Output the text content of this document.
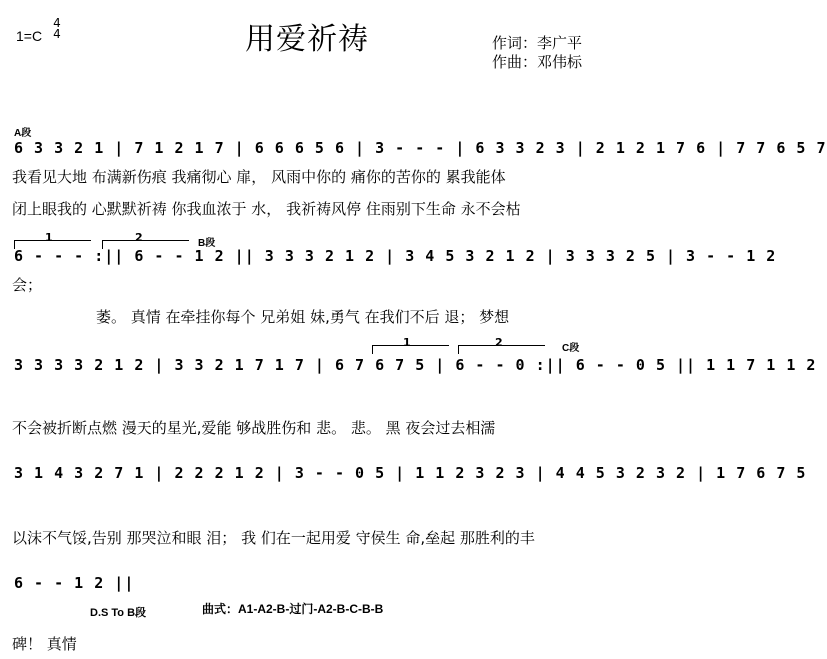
1=C
4
4	用爱祈祷	作词：李广平
作曲：邓伟标
A段
6 3 3 2 1 | 7 1 2 1 7 | 6 6 6 5 6 | 3 - - - | 6 3 3 2 3 | 2 1 2 1 7 6 | 7 7 6 5 7
我看见大地 布满新伤痕 我痛彻心 扉， 风雨中你的 痛你的苦你的 累我能体
闭上眼我的 心默默祈祷 你我血浓于 水， 我祈祷风停 住雨别下生命 永不会枯
1	2	B段
6 - - - :|| 6 - - 1 2 || 3 3 3 2 1 2 | 3 4 5 3 2 1 2 | 3 3 3 2 5 | 3 - - 1 2
会；
萎。 真情 在牵挂你每个 兄弟姐 妹,勇气 在我们不后 退； 梦想
1	2	C段
3 3 3 3 2 1 2 | 3 3 2 1 7 1 7 | 6 7 6 7 5 | 6 - - 0 :|| 6 - - 0 5 || 1 1 7 1 1 2
不会被折断点燃 漫天的星光,爱能 够战胜伤和 悲。 悲。 黑 夜会过去相濡
3 1 4 3 2 7 1 | 2 2 2 1 2 | 3 - - 0 5 | 1 1 2 3 2 3 | 4 4 5 3 2 3 2 | 1 7 6 7 5
以沫不气馁,告别 那哭泣和眼 泪； 我 们在一起用爱 守侯生 命,垒起 那胜利的丰
6 - - 1 2 ||
D.S To B段	曲式：A1-A2-B-过门-A2-B-C-B-B
碑！ 真情
